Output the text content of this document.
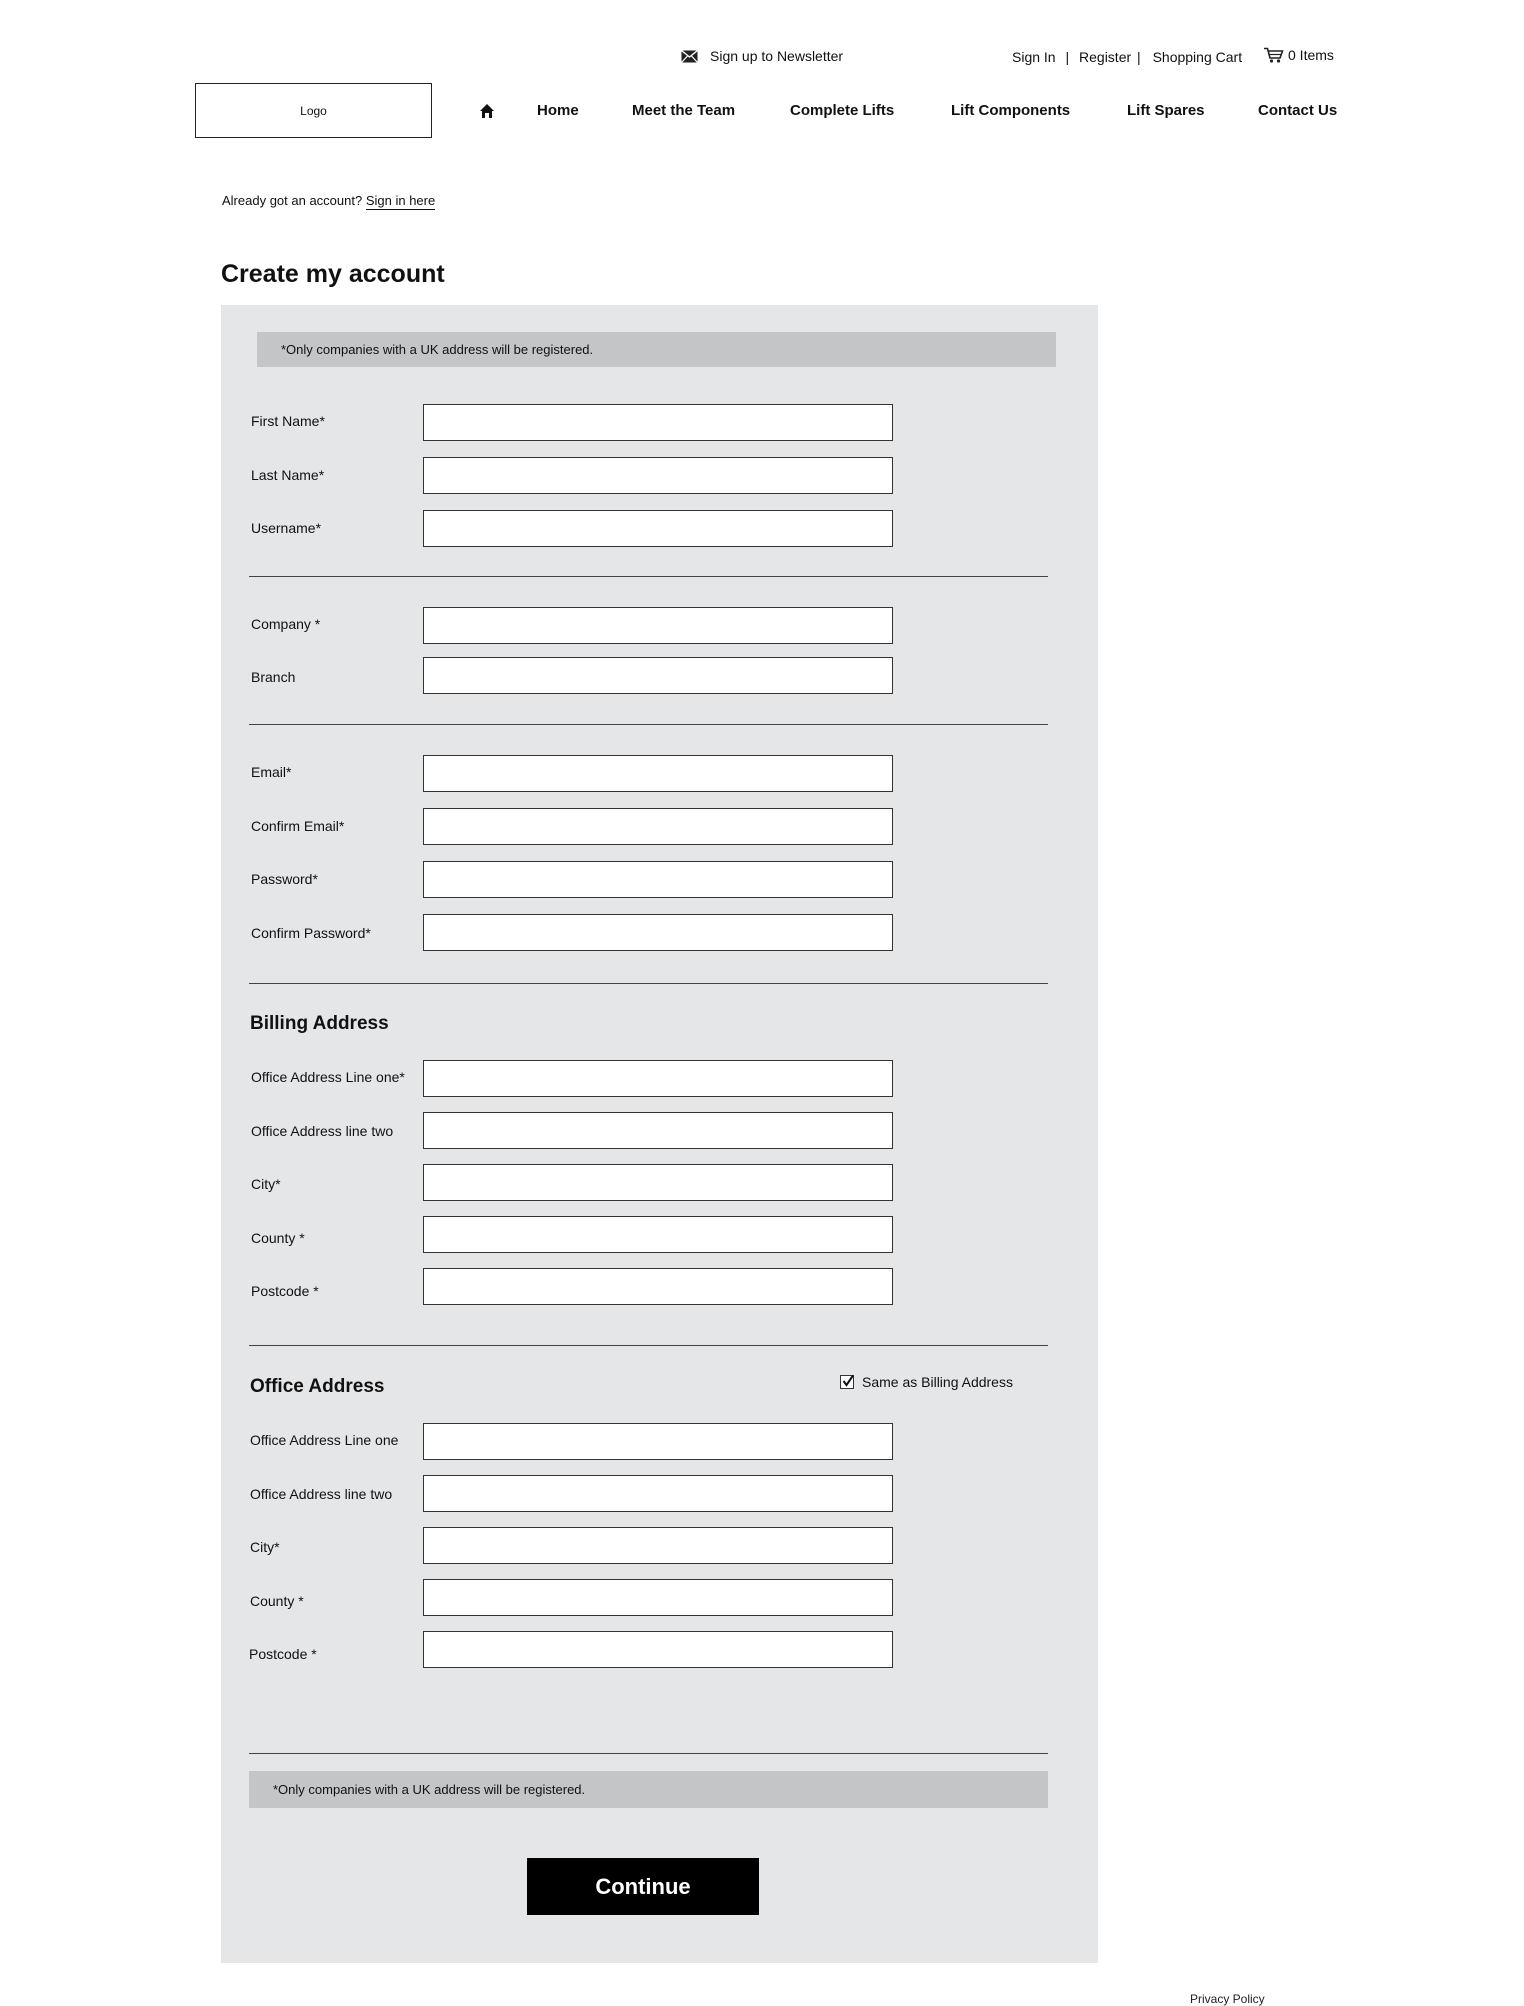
Sign up to Newsletter	Sign In | Register | Shopping Cart	0 Items
Logo	Home	Meet the Team	Complete Lifts	Lift Components	Lift Spares	Contact Us
Already got an account? Sign in here
Create my account
*Only companies with a UK address will be registered.
First Name*
Last Name*
Username*
Company *
Branch
Email*
Confirm Email*
Password*
Confirm Password*
Billing Address
Office Address Line one*
Office Address line two
City*
County *
Postcode *
Office Address	Same as Billing Address
Office Address Line one
Office Address line two
City*
County *
Postcode *
*Only companies with a UK address will be registered.
Continue
Privacy Policy
